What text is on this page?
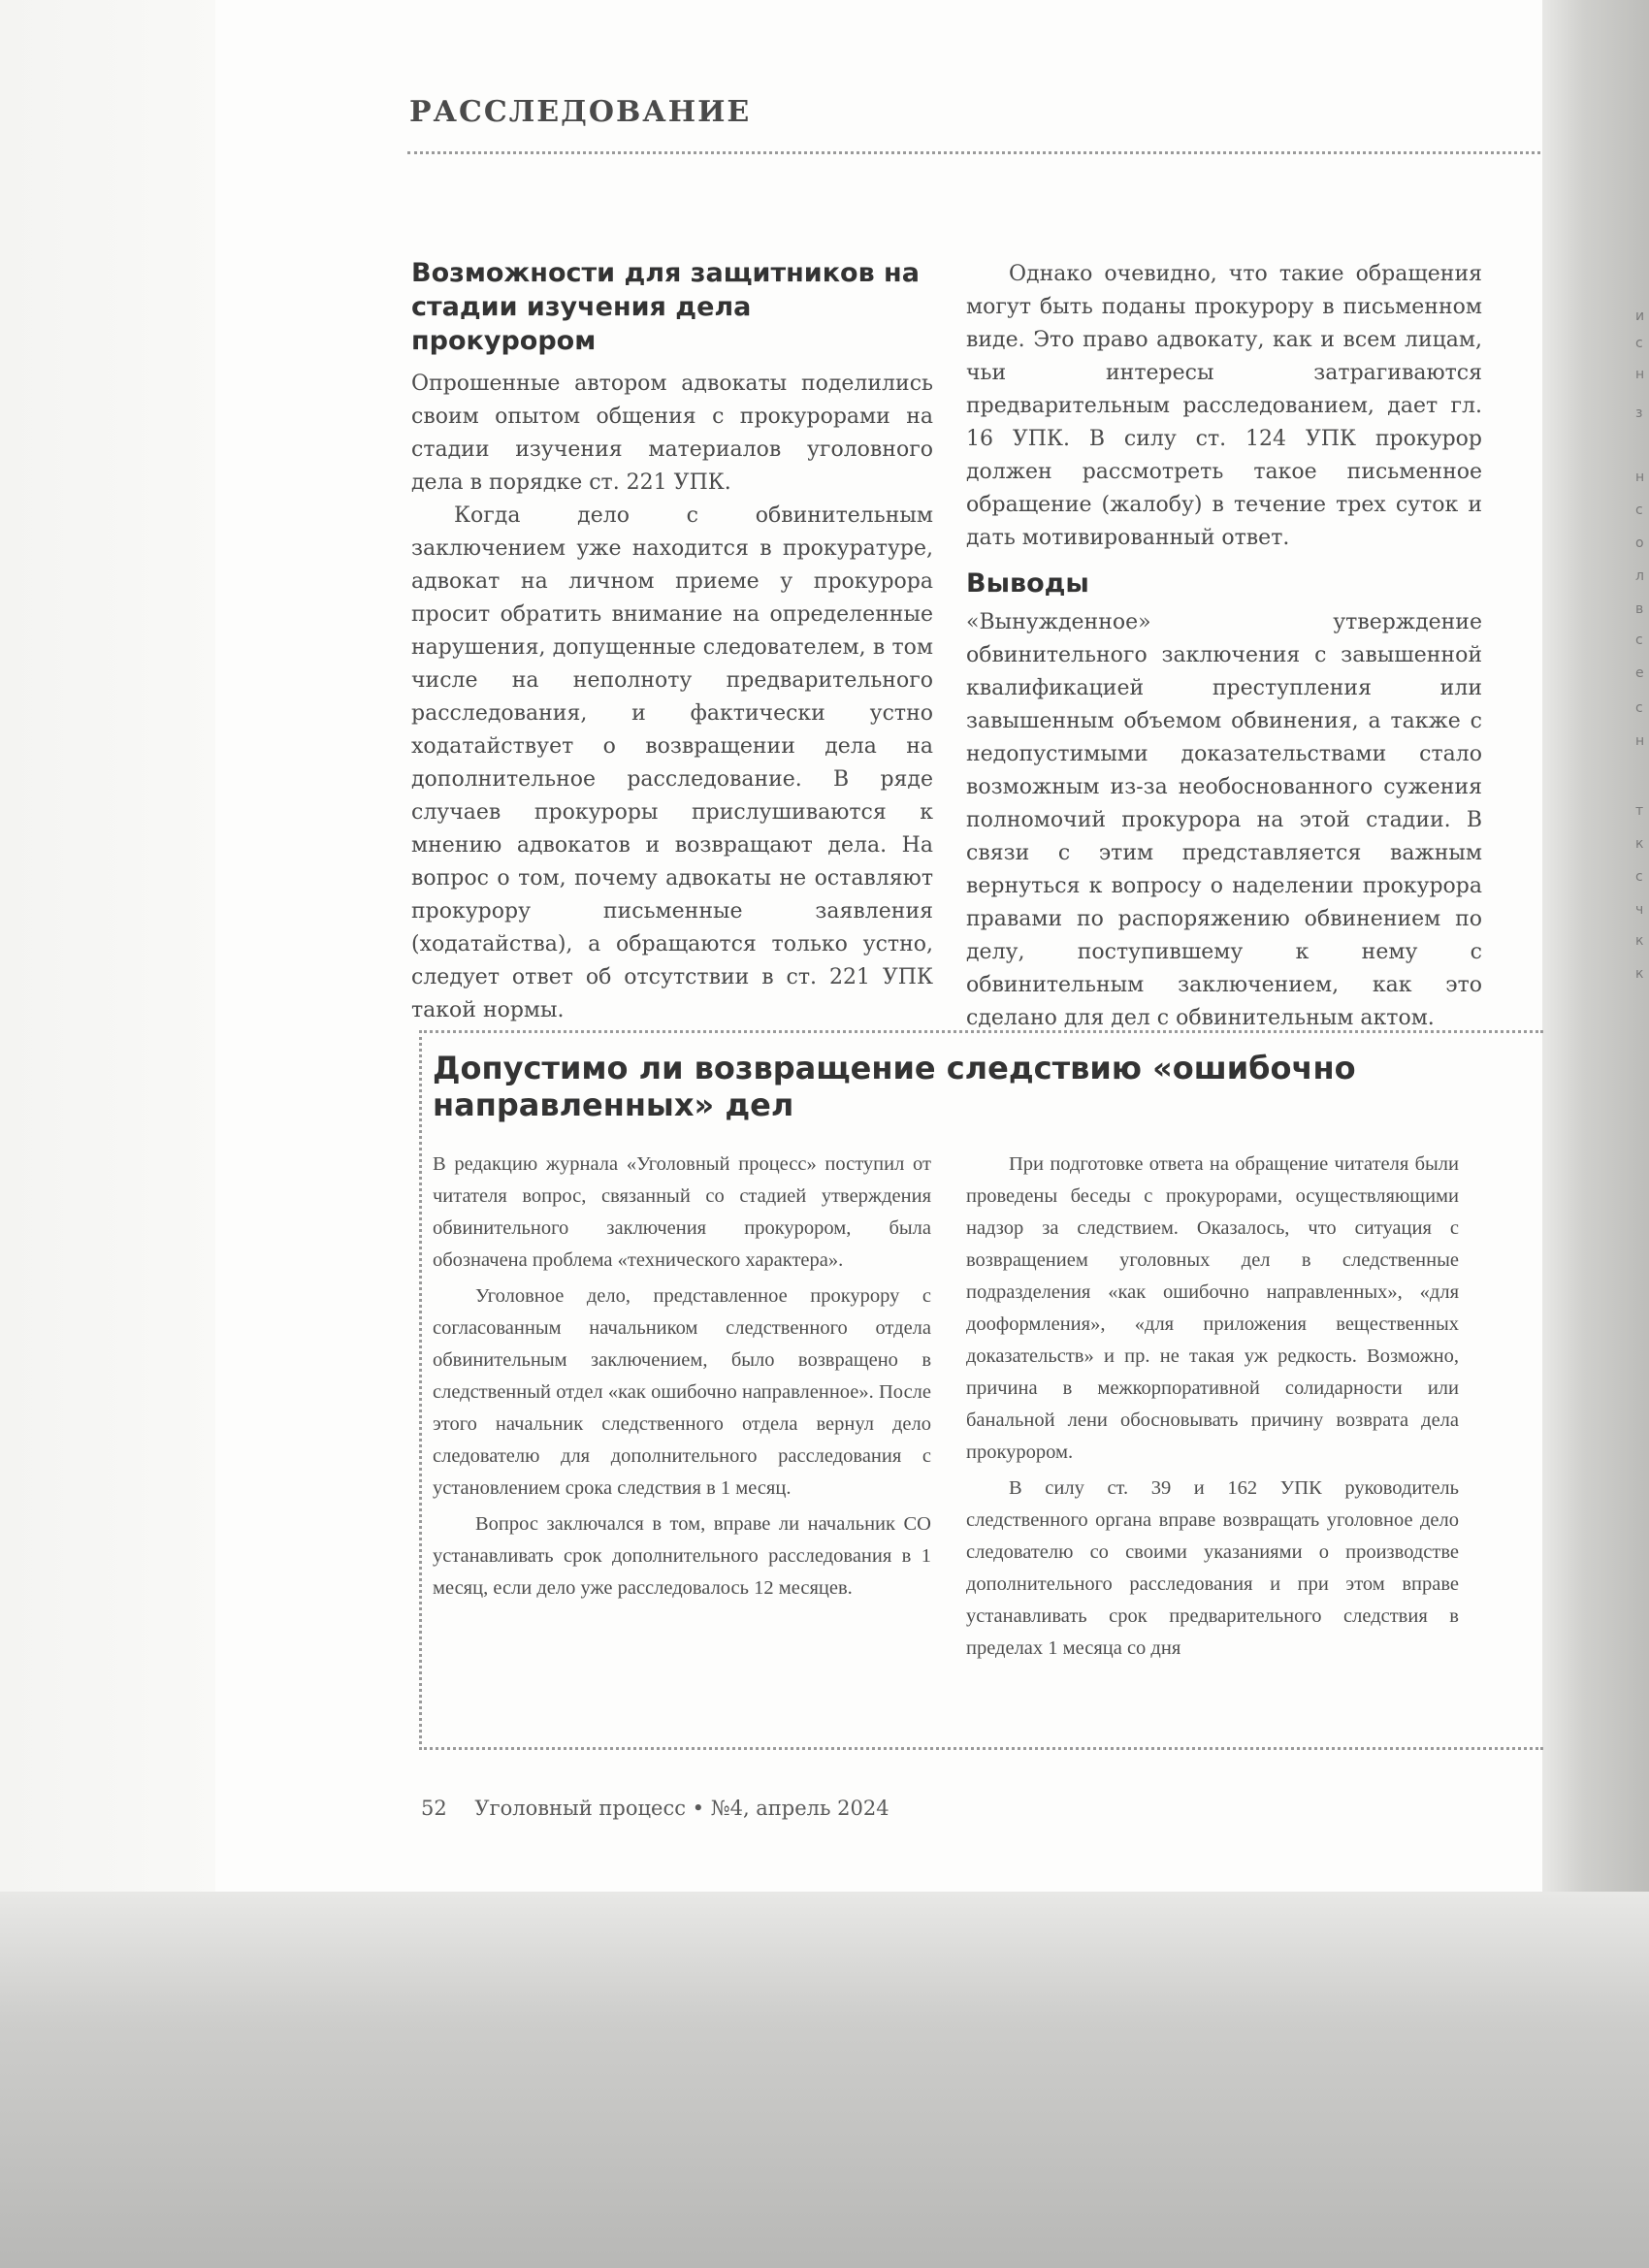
и
с
н
з
н
с
о
л
в
с
е
с
н
т
к
с
ч
к
к
РАССЛЕДОВАНИЕ
Возможности для защитников на стадии изучения дела прокурором

Опрошенные автором адвокаты поделились своим опытом общения с прокурорами на стадии изучения материалов уголовного дела в порядке ст. 221 УПК.

Когда дело с обвинительным заключением уже находится в прокуратуре, адвокат на личном приеме у прокурора просит обратить внимание на определенные нарушения, допущенные следователем, в том числе на неполноту предварительного расследования, и фактически устно ходатайствует о возвращении дела на дополнительное расследование. В ряде случаев прокуроры прислушиваются к мнению адвокатов и возвращают дела. На вопрос о том, почему адвокаты не оставляют прокурору письменные заявления (ходатайства), а обращаются только устно, следует ответ об отсутствии в ст. 221 УПК такой нормы.

Однако очевидно, что такие обращения могут быть поданы прокурору в письменном виде. Это право адвокату, как и всем лицам, чьи интересы затрагиваются предварительным расследованием, дает гл. 16 УПК. В силу ст. 124 УПК прокурор должен рассмотреть такое письменное обращение (жалобу) в течение трех суток и дать мотивированный ответ.

Выводы

«Вынужденное» утверждение обвинительного заключения с завышенной квалификацией преступления или завышенным объемом обвинения, а также с недопустимыми доказательствами стало возможным из-за необоснованного сужения полномочий прокурора на этой стадии. В связи с этим представляется важным вернуться к вопросу о наделении прокурора правами по распоряжению обвинением по делу, поступившему к нему с обвинительным заключением, как это сделано для дел с обвинительным актом.

Допустимо ли возвращение следствию «ошибочно направленных» дел

В редакцию журнала «Уголовный процесс» поступил от читателя вопрос, связанный со стадией утверждения обвинительного заключения прокурором, была обозначена проблема «технического характера».

Уголовное дело, представленное прокурору с согласованным начальником следственного отдела обвинительным заключением, было возвращено в следственный отдел «как ошибочно направленное». После этого начальник следственного отдела вернул дело следователю для дополнительного расследования с установлением срока следствия в 1 месяц.

Вопрос заключался в том, вправе ли начальник СО устанавливать срок дополнительного расследования в 1 месяц, если дело уже расследовалось 12 месяцев.

При подготовке ответа на обращение читателя были проведены беседы с прокурорами, осуществляющими надзор за следствием. Оказалось, что ситуация с возвращением уголовных дел в следственные подразделения «как ошибочно направленных», «для дооформления», «для приложения вещественных доказательств» и пр. не такая уж редкость. Возможно, причина в межкорпоративной солидарности или банальной лени обосновывать причину возврата дела прокурором.

В силу ст. 39 и 162 УПК руководитель следственного органа вправе возвращать уголовное дело следователю со своими указаниями о производстве дополнительного расследования и при этом вправе устанавливать срок предварительного следствия в пределах 1 месяца со дня

52 Уголовный процесс • №4, апрель 2024
